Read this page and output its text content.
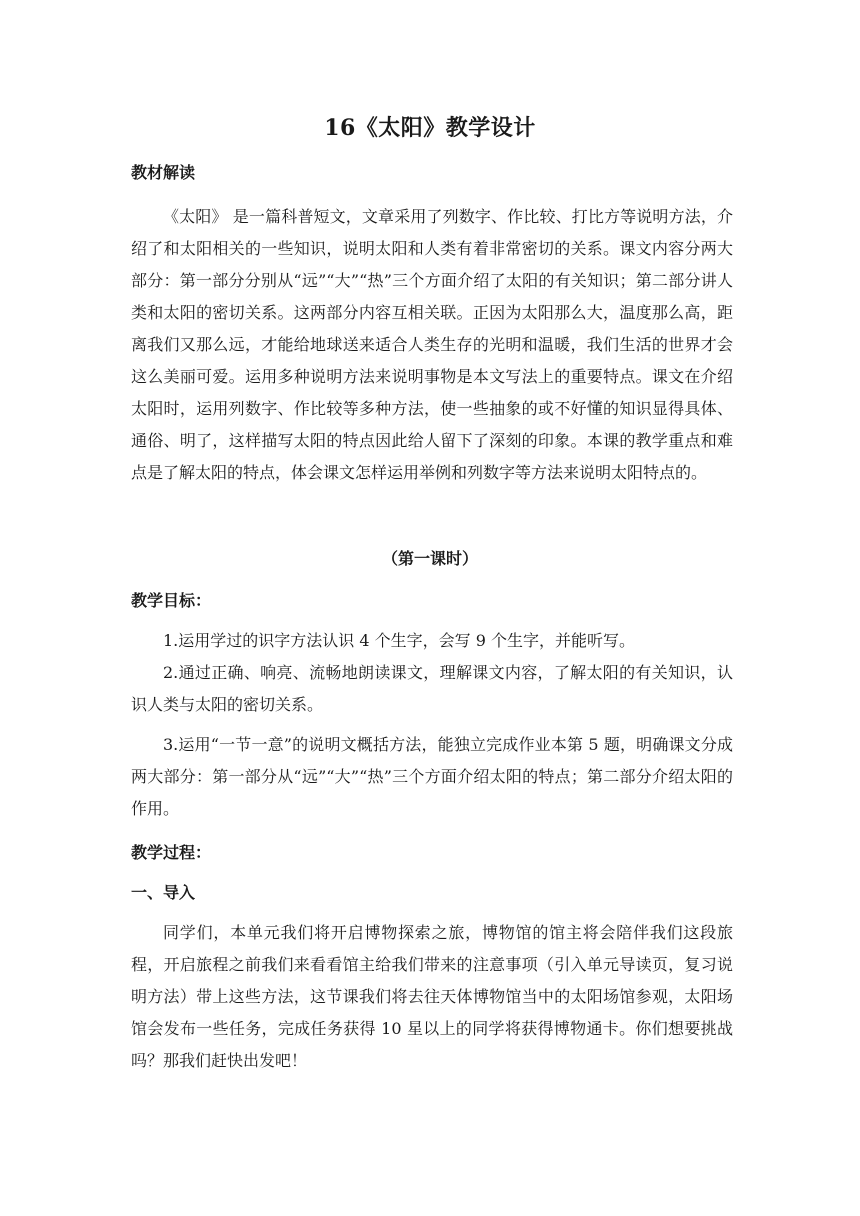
16《太阳》教学设计
教材解读
《太阳》 是一篇科普短文，文章采用了列数字、作比较、打比方等说明方法，介绍了和太阳相关的一些知识，说明太阳和人类有着非常密切的关系。课文内容分两大部分：第一部分分别从“远”“大”“热”三个方面介绍了太阳的有关知识；第二部分讲人类和太阳的密切关系。这两部分内容互相关联。正因为太阳那么大，温度那么高，距离我们又那么远，才能给地球送来适合人类生存的光明和温暖，我们生活的世界才会这么美丽可爱。运用多种说明方法来说明事物是本文写法上的重要特点。课文在介绍太阳时，运用列数字、作比较等多种方法，使一些抽象的或不好懂的知识显得具体、通俗、明了，这样描写太阳的特点因此给人留下了深刻的印象。本课的教学重点和难点是了解太阳的特点，体会课文怎样运用举例和列数字等方法来说明太阳特点的。
（第一课时）
教学目标：
1.运用学过的识字方法认识 4 个生字，会写 9 个生字，并能听写。
2.通过正确、响亮、流畅地朗读课文，理解课文内容，了解太阳的有关知识，认识人类与太阳的密切关系。
3.运用“一节一意”的说明文概括方法，能独立完成作业本第 5 题，明确课文分成两大部分：第一部分从“远”“大”“热”三个方面介绍太阳的特点；第二部分介绍太阳的作用。
教学过程：
一、导入
同学们，本单元我们将开启博物探索之旅，博物馆的馆主将会陪伴我们这段旅程，开启旅程之前我们来看看馆主给我们带来的注意事项（引入单元导读页，复习说明方法）带上这些方法，这节课我们将去往天体博物馆当中的太阳场馆参观，太阳场馆会发布一些任务，完成任务获得 10 星以上的同学将获得博物通卡。你们想要挑战吗？那我们赶快出发吧！
